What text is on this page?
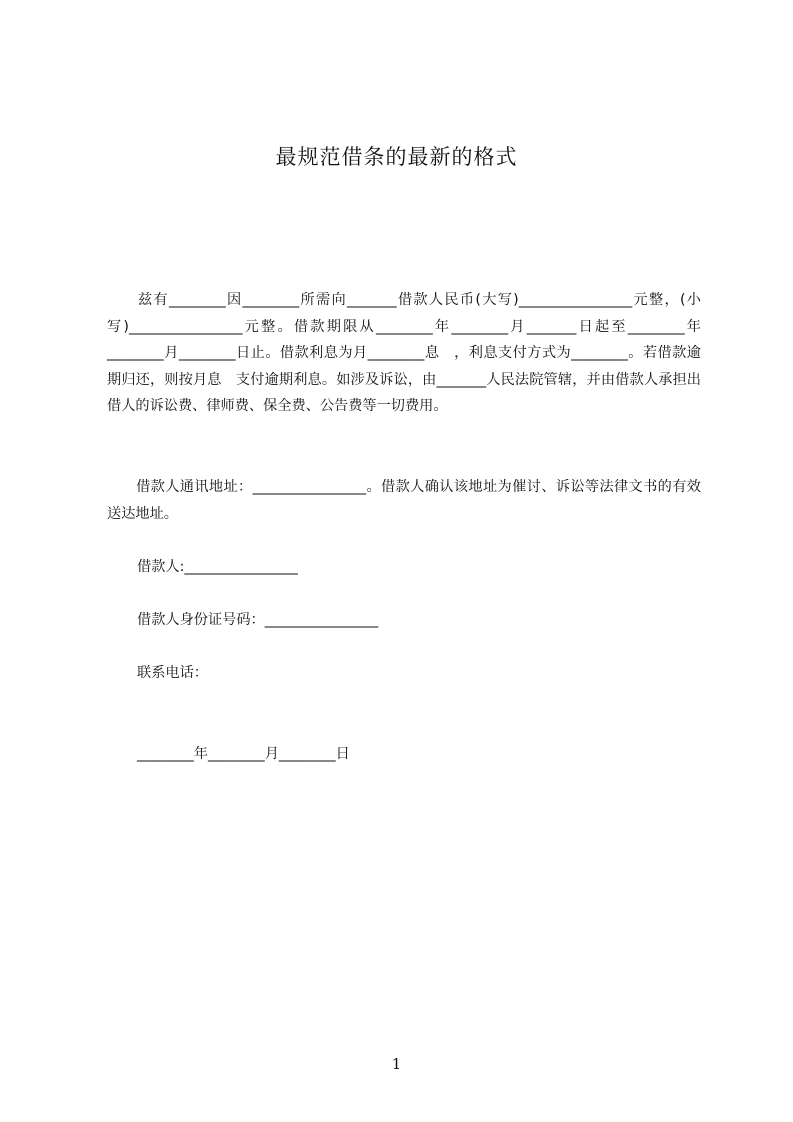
最规范借条的最新的格式

　　兹有________因________所需向_______借款人民币(大写)________________元整，(小写)________________元整。借款期限从________年________月_______日起至________年________月________日止。借款利息为月________息　，利息支付方式为________。若借款逾期归还，则按月息　支付逾期利息。如涉及诉讼，由_______人民法院管辖，并由借款人承担出借人的诉讼费、律师费、保全费、公告费等一切费用。

　　借款人通讯地址：________________。借款人确认该地址为催讨、诉讼等法律文书的有效送达地址。

借款人:________________
借款人身份证号码：________________
联系电话：
________年________月________日
1
